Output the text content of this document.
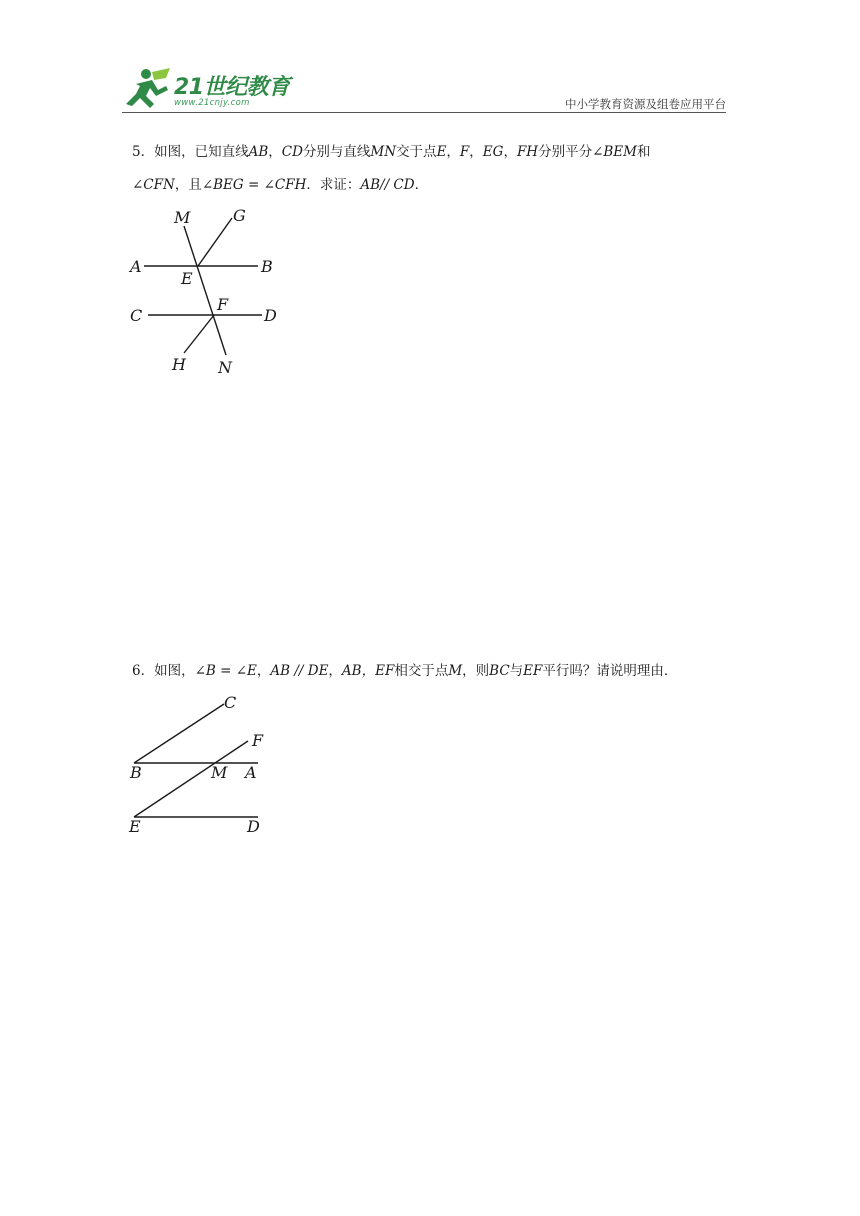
21世纪教育
www.21cnjy.com	中小学教育资源及组卷应用平台
5．如图，已知直线AB，CD分别与直线MN交于点E，F，EG，FH分别平分∠BEM和
∠CFN，且∠BEG = ∠CFH．求证：AB// CD．
M	G
A	B
E
C
F
D
H N
6．如图，∠B = ∠E，AB // DE，AB，EF相交于点M，则BC与EF平行吗？请说明理由．
C
F
B	M A
E	D
